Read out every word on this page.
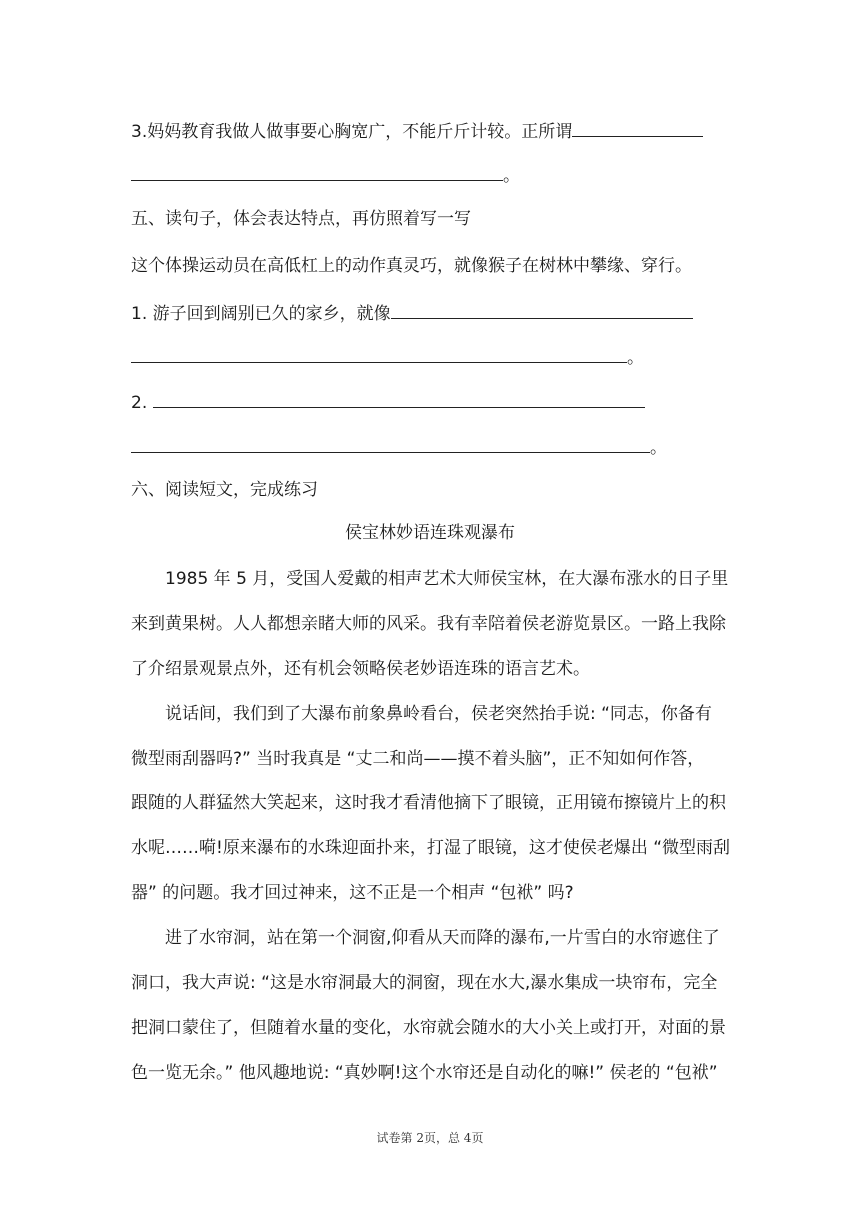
3.妈妈教育我做人做事要心胸宽广，不能斤斤计较。正所谓
。
五、读句子，体会表达特点，再仿照着写一写
这个体操运动员在高低杠上的动作真灵巧，就像猴子在树林中攀缘、穿行。
1. 游子回到阔别已久的家乡，就像
。
2.
。
六、阅读短文，完成练习
侯宝林妙语连珠观瀑布
1985 年 5 月，受国人爱戴的相声艺术大师侯宝林，在大瀑布涨水的日子里
来到黄果树。人人都想亲睹大师的风采。我有幸陪着侯老游览景区。一路上我除
了介绍景观景点外，还有机会领略侯老妙语连珠的语言艺术。
说话间，我们到了大瀑布前象鼻岭看台，侯老突然抬手说: “同志，你备有
微型雨刮器吗?” 当时我真是 “丈二和尚——摸不着头脑”，正不知如何作答，
跟随的人群猛然大笑起来，这时我才看清他摘下了眼镜，正用镜布擦镜片上的积
水呢……嗬!原来瀑布的水珠迎面扑来，打湿了眼镜，这才使侯老爆出 “微型雨刮
器” 的问题。我才回过神来，这不正是一个相声 “包袱” 吗?
进了水帘洞，站在第一个洞窗,仰看从天而降的瀑布,一片雪白的水帘遮住了
洞口，我大声说: “这是水帘洞最大的洞窗，现在水大,瀑水集成一块帘布，完全
把洞口蒙住了，但随着水量的变化，水帘就会随水的大小关上或打开，对面的景
色一览无余。” 他风趣地说: “真妙啊!这个水帘还是自动化的嘛!” 侯老的 “包袱”
试卷第 2页，总 4页
